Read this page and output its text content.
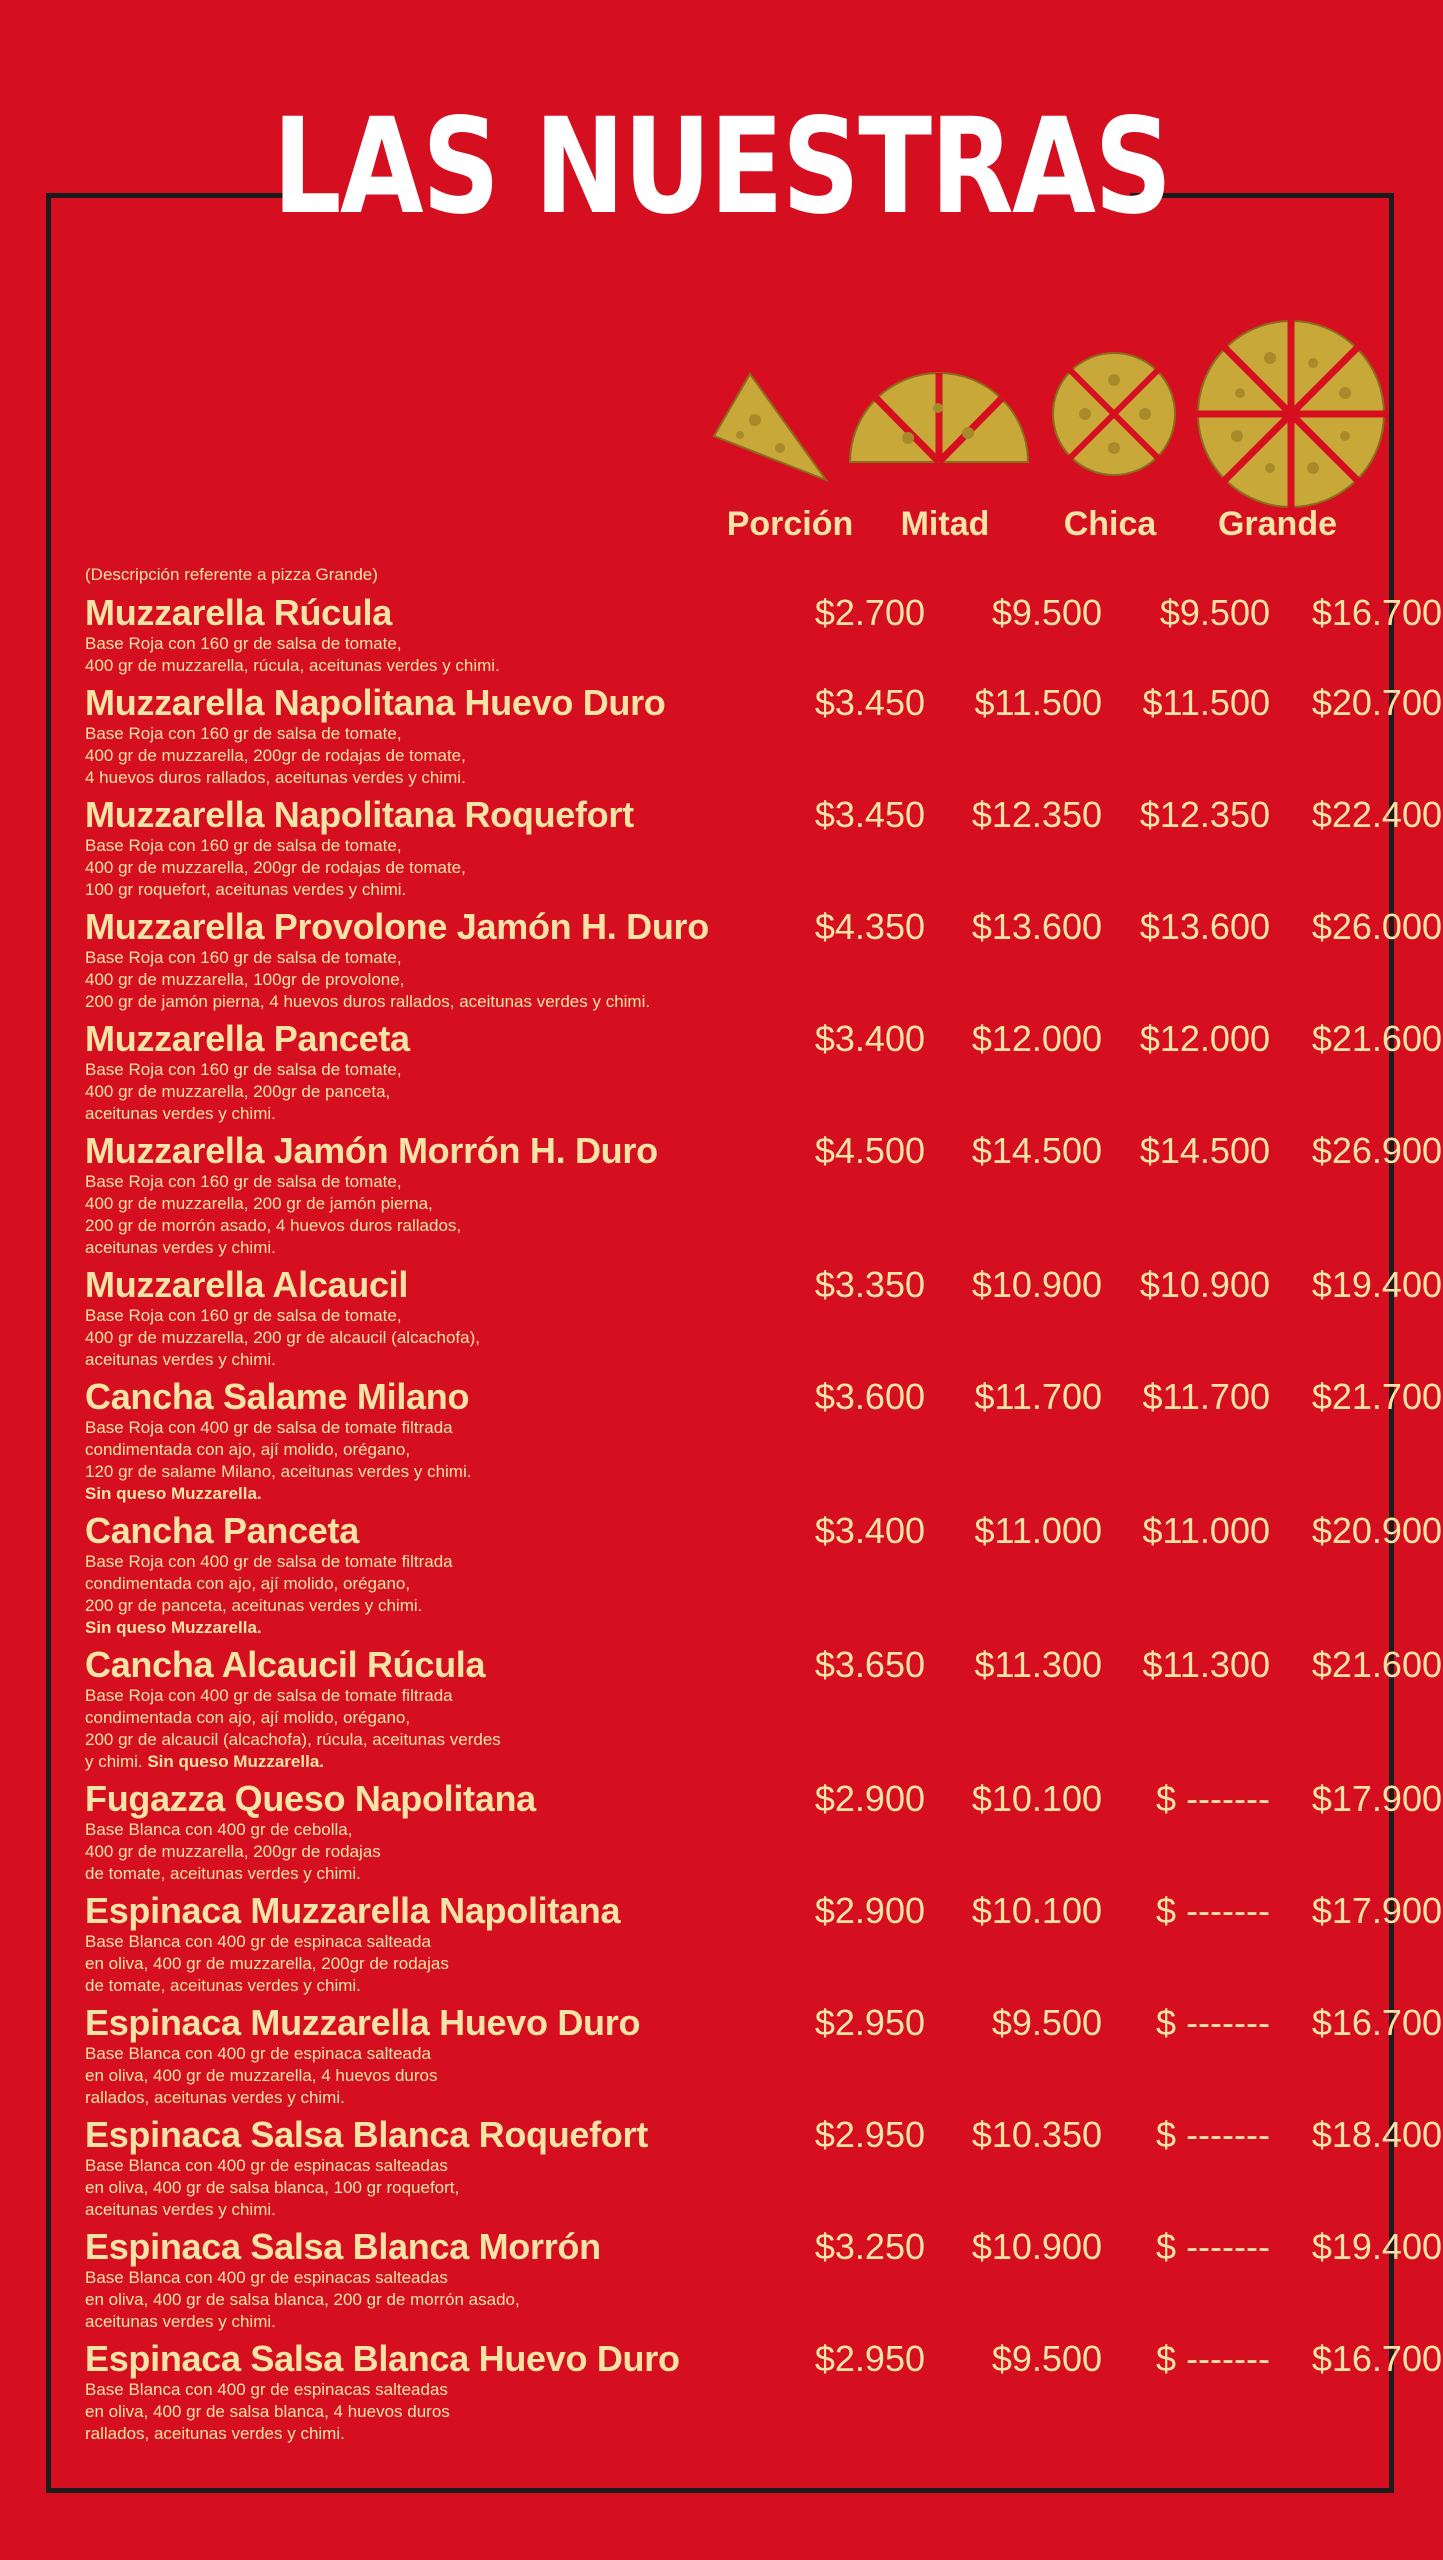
LAS NUESTRAS
Porción	Mitad	Chica	Grande
(Descripción referente a pizza Grande)
Muzzarella Rúcula
Base Roja con 160 gr de salsa de tomate,
400 gr de muzzarella, rúcula, aceitunas verdes y chimi.
$2.700	$9.500	$9.500	$16.700
Muzzarella Napolitana Huevo Duro
Base Roja con 160 gr de salsa de tomate,
400 gr de muzzarella, 200gr de rodajas de tomate,
4 huevos duros rallados, aceitunas verdes y chimi.
$3.450	$11.500	$11.500	$20.700
Muzzarella Napolitana Roquefort
Base Roja con 160 gr de salsa de tomate,
400 gr de muzzarella, 200gr de rodajas de tomate,
100 gr roquefort, aceitunas verdes y chimi.
$3.450	$12.350	$12.350	$22.400
Muzzarella Provolone Jamón H. Duro
Base Roja con 160 gr de salsa de tomate,
400 gr de muzzarella, 100gr de provolone,
200 gr de jamón pierna, 4 huevos duros rallados, aceitunas verdes y chimi.
$4.350	$13.600	$13.600	$26.000
Muzzarella Panceta
Base Roja con 160 gr de salsa de tomate,
400 gr de muzzarella, 200gr de panceta,
aceitunas verdes y chimi.
$3.400	$12.000	$12.000	$21.600
Muzzarella Jamón Morrón H. Duro
Base Roja con 160 gr de salsa de tomate,
400 gr de muzzarella, 200 gr de jamón pierna,
200 gr de morrón asado, 4 huevos duros rallados,
aceitunas verdes y chimi.
$4.500	$14.500	$14.500	$26.900
Muzzarella Alcaucil
Base Roja con 160 gr de salsa de tomate,
400 gr de muzzarella, 200 gr de alcaucil (alcachofa),
aceitunas verdes y chimi.
$3.350	$10.900	$10.900	$19.400
Cancha Salame Milano
Base Roja con 400 gr de salsa de tomate filtrada
condimentada con ajo, ají molido, orégano,
120 gr de salame Milano, aceitunas verdes y chimi.
Sin queso Muzzarella.
$3.600	$11.700	$11.700	$21.700
Cancha Panceta
Base Roja con 400 gr de salsa de tomate filtrada
condimentada con ajo, ají molido, orégano,
200 gr de panceta, aceitunas verdes y chimi.
Sin queso Muzzarella.
$3.400	$11.000	$11.000	$20.900
Cancha Alcaucil Rúcula
Base Roja con 400 gr de salsa de tomate filtrada
condimentada con ajo, ají molido, orégano,
200 gr de alcaucil (alcachofa), rúcula, aceitunas verdes
y chimi. Sin queso Muzzarella.
$3.650	$11.300	$11.300	$21.600
Fugazza Queso Napolitana
Base Blanca con 400 gr de cebolla,
400 gr de muzzarella, 200gr de rodajas
de tomate, aceitunas verdes y chimi.
$2.900	$10.100	$ -------	$17.900
Espinaca Muzzarella Napolitana
Base Blanca con 400 gr de espinaca salteada
en oliva, 400 gr de muzzarella, 200gr de rodajas
de tomate, aceitunas verdes y chimi.
$2.900	$10.100	$ -------	$17.900
Espinaca Muzzarella Huevo Duro
Base Blanca con 400 gr de espinaca salteada
en oliva, 400 gr de muzzarella, 4 huevos duros
rallados, aceitunas verdes y chimi.
$2.950	$9.500	$ -------	$16.700
Espinaca Salsa Blanca Roquefort
Base Blanca con 400 gr de espinacas salteadas
en oliva, 400 gr de salsa blanca, 100 gr roquefort,
aceitunas verdes y chimi.
$2.950	$10.350	$ -------	$18.400
Espinaca Salsa Blanca Morrón
Base Blanca con 400 gr de espinacas salteadas
en oliva, 400 gr de salsa blanca, 200 gr de morrón asado,
aceitunas verdes y chimi.
$3.250	$10.900	$ -------	$19.400
Espinaca Salsa Blanca Huevo Duro
Base Blanca con 400 gr de espinacas salteadas
en oliva, 400 gr de salsa blanca, 4 huevos duros
rallados, aceitunas verdes y chimi.
$2.950	$9.500	$ -------	$16.700
